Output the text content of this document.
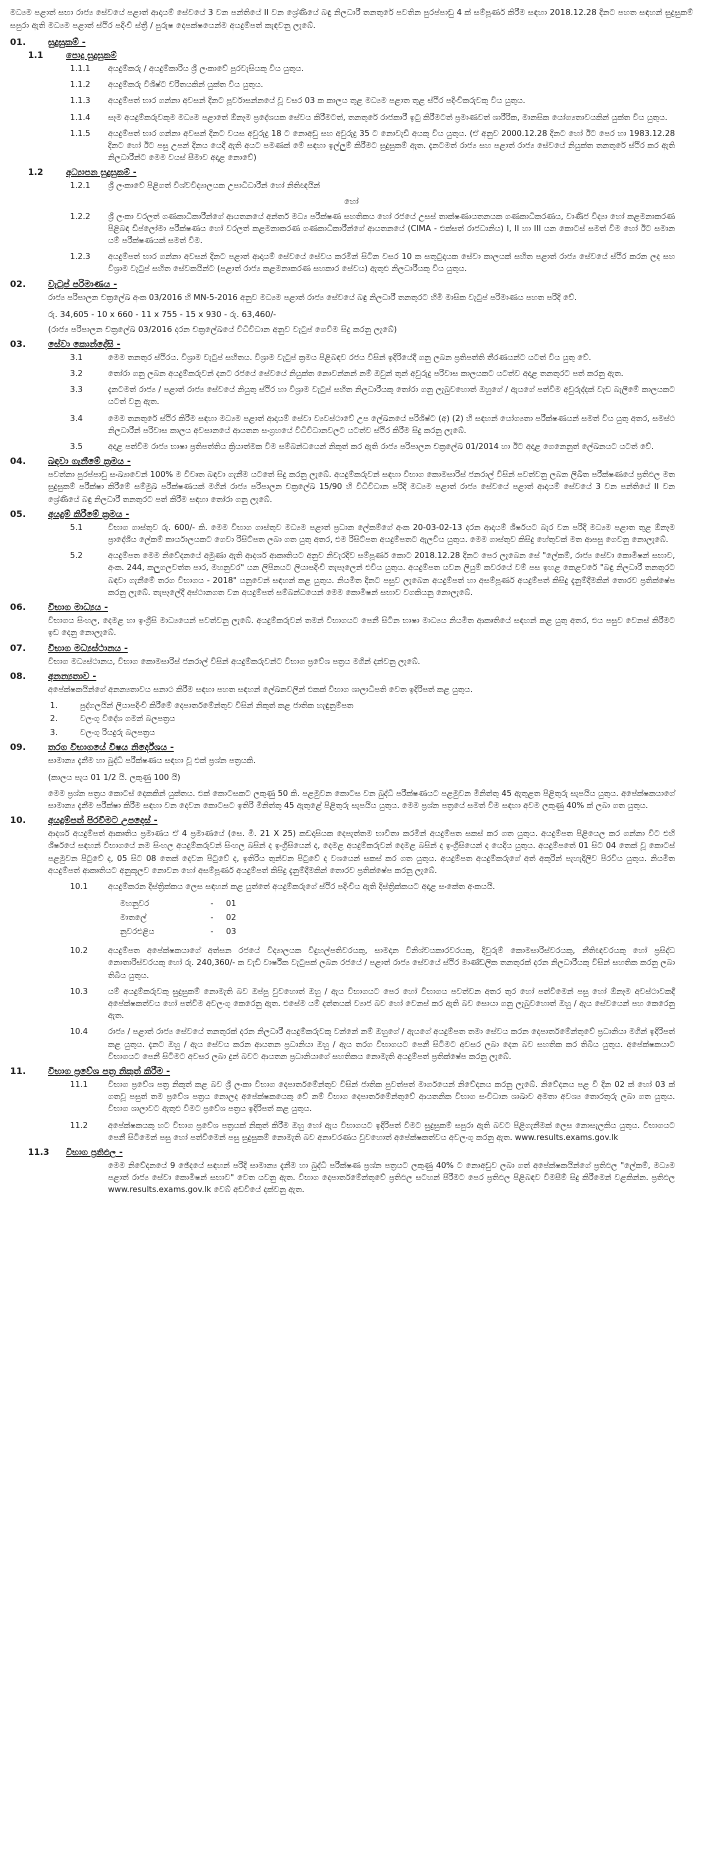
මධ්‍යම පළාත් සභා රාජ්‍ය සේවයේ පළාත් ආදායම් සේවයේ 3 වන පන්තියේ II වන ශ්‍රේණියේ බඳු නිලධාරී තනතුරේ පවතින පුරප්පාඩු 4 ක් සම්පූර්ණ කිරීම සඳහා 2018.12.28 දිනට පහත සඳහන් සුදුසුකම් සපුරා ඇති මධ්‍යම පළාත් ස්ථිර පදිංචි ස්ත්‍රී / පුරුෂ දෙපක්ෂයෙන්ම අයදුම්පත් කැඳවනු ලැබේ.

01.	සුදුසුකම් -
1.1	පොදු සුදුසුකම්
1.1.1	අයදුම්කරු / අයදුම්කාරිය ශ්‍රී ලංකාවේ පුරවැසියකු විය යුතුය.
1.1.2	අයදුම්කරු විශිෂ්ට චරිතයකින් යුක්ත විය යුතුය.
1.1.3	අයදුම්පත් භාර ගන්නා අවසන් දිනට පූර්වාසන්නයේ වූ වසර 03 ක කාලය තුළ මධ්‍යම පළාත තුළ ස්ථිර පදිංචිකරුවකු විය යුතුය.
1.1.4	සෑම අයදුම්කරුවකුම මධ්‍යම පළාතේ ඕනෑම ප්‍රදේශයක සේවය කිරීමටත්, තනතුරේ රාජකාරී ඉටු කිරීමටත් ප්‍රමාණවත් ශාරීරික, මානසික යෝග්‍යතාවයකින් යුක්ත විය යුතුය.
1.1.5	අයදුම්පත් භාර ගන්නා අවසන් දිනට වයස අවුරුදු 18 ට නොඅඩු සහ අවුරුදු 35 ට නොවැඩි අයකු විය යුතුය. (ඒ අනුව 2000.12.28 දිනට හෝ ඊට පෙර හා 1983.12.28 දිනට හෝ ඊට පසු උපන් දිනය යෙදී ඇති අයට පමණක් මේ සඳහා ඉල්ලුම් කිරීමට සුදුසුකම් ඇත. දැනටමත් රාජ්‍ය සහ පළාත් රාජ්‍ය සේවයේ නියුක්ත තනතුරේ ස්ථිර කර ඇති නිලධාරීන්ට මෙම වයස් සීමාව අදාළ නොවේ)
1.2	අධ්‍යාපන සුදුසුකම් -
1.2.1	ශ්‍රී ලංකාවේ පිළිගත් විශ්වවිද්‍යාලයක උපාධිධාරීන් හෝ නිතිඥයින්
හෝ
1.2.2	ශ්‍රී ලංකා වරලත් ගණකාධිකාරීන්ගේ ආයතනයේ අන්තර් මධ්‍ය පරීක්ෂණ සහතිකය හෝ රජයේ උසස් තාක්ෂණායතනයක ගණකාධිකරණය, වාණිජ විද්‍යා හෝ කළමනාකරණ පිළිබඳ ඩිප්ලෝමා පරීක්ෂණය හෝ වරලත් කළමනාකරණ ගණකාධිකාරීන්ගේ ආයතනයේ (CIMA - එක්සත් රාජධානිය) I, II හා III යන කොටස් සමත් වීම හෝ ඊට සමාන යම් පරීක්ෂණයක් සමත් වීම.
1.2.3	අයදුම්පත් භාර ගන්නා අවසන් දිනට පළාත් ආදායම් සේවයේ සේවය කරමින් සිටින වසර 10 ක සතුටුදායක සේවා කාලයක් සහිත පළාත් රාජ්‍ය සේවයේ ස්ථිර කරන ලද සහ විශ්‍රාම වැටුප් සහිත සේවකයින්ට (පළාත් රාජ්‍ය කළමනාකරණ සහකාර සේවය) ඇතුළු නිලධාරීයකු විය යුතුය.
02.	වැටුප් පරිමාණය -

රාජ්‍ය පරිපාලන චක්‍රලේඛ අංක 03/2016 හි MN-5-2016 අනුව මධ්‍යම පළාත් රාජ්‍ය සේවයේ බඳු නිලධාරී තනතුරට හිමි මාසික වැටුප් පරිමාණය පහත පරිදි වේ.

රු. 34,605 - 10 x 660 - 11 x 755 - 15 x 930 - රු. 63,460/-
(රාජ්‍ය පරිපාලන චක්‍රලේඛ 03/2016 දරන චක්‍රලේඛයේ විධිවිධාන අනුව වැටුප් ගෙවීම සිදු කරනු ලැබේ)
03.	සේවා කොන්දේසි -
3.1	මෙම තනතුර ස්ථිරය. විශ්‍රාම වැටුප් සහිතය. විශ්‍රාම වැටුප් ක්‍රමය පිළිබඳව රජය විසින් ඉදිරියේදී ගනු ලබන ප්‍රතිපත්ති තීරණයන්ට යටත් විය යුතු වේ.
3.2	තෝරා ගනු ලබන අයදුම්කරුවන් දනට රජයේ සේවයේ නියුක්ත නොවන්නන් නම් ඔවුන් තුන් අවුරුදු පරිවාස කාලයකට යටත්ව අදාළ තනතුරට පත් කරනු ඇත.
3.3	දැනටමත් රාජ්‍ය / පළාත් රාජ්‍ය සේවයේ නියුතු ස්ථිර හා විශ්‍රාම වැටුප් සහිත නිලධාරීයකු තෝරා ගනු ලැබුවහොත් ඔහුගේ / ඇයගේ පත්වීම අවුරුද්දක් වැඩ බැලීමේ කාලයකට යටත් වනු ඇත.
3.4	මෙම තනතුරේ ස්ථිර කිරීම සඳහා මධ්‍යම පළාත් ආදායම් සේවා ව්‍යවස්ථාවේ උප ලේඛනයේ පරිශිෂ්ට (අ) (2) හි සඳහන් යෝග්‍යතා පරීක්ෂණයන් සමත් විය යුතු අතර, සමස්ථ නිලධාරීන් පරිවාස කාලය අවසානයේ ආයතන සංග්‍රහයේ විධිවිධානවලට යටත්ව ස්ථිර කිරීම සිදු කරනු ලැබේ.
3.5	අදාළ පත්වීම රාජ්‍ය භාෂා ප්‍රතිපත්තිය ක්‍රියාත්මක වීම සම්බන්ධයෙන් නිකුත් කර ඇති රාජ්‍ය පරිපාලන චක්‍රලේඛ 01/2014 හා ඊට අදාළ ගෙනෙනුත් ලේඛනයට යටත් වේ.
04.	බඳවා ගැනීමේ ක්‍රමය -

පවත්නා පුරප්පාඩු සංඛ්‍යාවෙන් 100% ම විවෘත බඳවා ගැනීම යටතේ සිදු කරනු ලැබේ. අයදුම්කරුවන් සඳහා විභාග කොමසාරිස් ජනරාල් විසින් පවත්වනු ලබන ලිඛිත පරීක්ෂණයේ ප්‍රතිඵල මත සුදුසුකම් පරීක්ෂා කිරීමේ සම්මුඛ පරීක්ෂණයක් මගින් රාජ්‍ය පරිපාලන චක්‍රලේඛ 15/90 හි විධිවිධාන පරිදි මධ්‍යම පළාත් රාජ්‍ය සේවයේ පළාත් ආදායම් සේවයේ 3 වන පන්තියේ II වන ශ්‍රේණියේ බඳු නිලධාරී තනතුරට පත් කිරීම සඳහා තෝරා ගනු ලැබේ.

05.	අයදුම් කිරීමේ ක්‍රමය -
5.1	විභාග ගාස්තුව රු. 600/- කි. මෙම විභාග ගාස්තුව මධ්‍යම පළාත් ප්‍රධාන ලේකම්ගේ අංක 20-03-02-13 දරන ආදායම් ශීර්ෂයට බැර වන පරිදි මධ්‍යම පළාත තුළ ඕනෑම ප්‍රාදේශීය ලේකම් කාර්යාලයකට ගෙවා රිසිට්පත ලබා ගත යුතු අතර, එම රිසිට්පත අයදුම්පතට ඇලවිය යුතුය. මෙම ගාස්තුව කිසිදු හේතුවක් මත ආපසු ගෙවනු නොලැබේ.
5.2	අයදුම්පත මෙම නිවේදනයේ අමුණා ඇති ආදර්ශ ආකෘතියට අනුව නිවැරදිව සම්පූර්ණ කොට 2018.12.28 දිනට පෙර ලැබෙන සේ "ලේකම්, රාජ්‍ය සේවා කොමිෂන් සභාව, අංක. 244, කලුගලවත්ත පාර, මහනුවර" යන ලිපිනයට ලියාපදිංචි තැපෑලෙන් එවිය යුතුය. අයදුම්පත යවන ලියුම් කවරයේ වම් පස ඉහළ කෙළවරේ "බඳු නිලධාරී තනතුරට බඳවා ගැනීමේ තරග විභාගය - 2018" යනුවෙන් සඳහන් කළ යුතුය. නියමිත දිනට පසුව ලැබෙන අයදුම්පත් හා අසම්පූර්ණ අයදුම්පත් කිසිදු දැනුම්දීමකින් තොරව ප්‍රතික්ෂේප කරනු ලැබේ. තැපෑලේදී අස්ථානගත වන අයදුම්පත් සම්බන්ධයෙන් මෙම කොමිෂන් සභාව වගකියනු නොලැබේ.
06.	විභාග මාධ්‍යය -

විභාගය සිංහල, දෙමළ හා ඉංග්‍රීසි මාධ්‍යයෙන් පවත්වනු ලැබේ. අයදුම්කරුවන් තමන් විභාගයට පෙනී සිටින භාෂා මාධ්‍යය නියමිත ආකෘතියේ සඳහන් කළ යුතු අතර, එය පසුව වෙනස් කිරීමට ඉඩ දෙනු නොලැබේ.

07.	විභාග මධ්‍යස්ථානය -

විභාග මධ්‍යස්ථානය, විභාග කොමසාරිස් ජනරාල් විසින් අයදුම්කරුවන්ට විභාග ප්‍රවේශ පත්‍රය මගින් දන්වනු ලැබේ.

08.	අනන්‍යතාව -

අපේක්ෂකයින්ගේ අනන්‍යතාවය සනාථ කිරීම සඳහා පහත සඳහන් ලේඛනවලින් එකක් විභාග ශාලාධිපති වෙත ඉදිරිපත් කළ යුතුය.

1.	පුද්ගලයින් ලියාපදිංචි කිරීමේ දෙපාර්තමේන්තුව විසින් නිකුත් කළ ජාතික හැඳුනුම්පත
2.	වලංගු විදේශ ගමන් බලපත්‍රය
3.	වලංගු රියදුරු බලපත්‍රය
09.	තරග විභාගයේ විෂය නිර්දේශය -

සාමාන්‍ය දැනීම හා බුද්ධි පරීක්ෂණය සඳහා වූ එක් ප්‍රශ්න පත්‍රයකි.

(කාලය පැය 01 1/2 යි. ලකුණු 100 යි)

මෙම ප්‍රශ්න පත්‍රය කොටස් දෙකකින් යුක්තය. එක් කොටසකට ලකුණු 50 කි. පළමුවන කොටස වන බුද්ධි පරීක්ෂණයට පළමුවන මිනිත්තු 45 ඇතුළත පිළිතුරු සැපයිය යුතුය. අපේක්ෂකයාගේ සාමාන්‍ය දැනීම පරීක්ෂා කිරීම සඳහා වන දෙවන කොටසට ඉතිරි මිනිත්තු 45 ඇතුළේ පිළිතුරු සැපයිය යුතුය. මෙම ප්‍රශ්න පත්‍රයේ සමත් වීම සඳහා අවම ලකුණු 40% ක් ලබා ගත යුතුය.

10.	අයදුම්පත් පිරවීමට උපදෙස් -

ආදර්ශ අයදුම්පත් ආකෘතිය ප්‍රමාණය ඒ 4 ප්‍රමාණයේ (සෙ. මී. 21 X 25) කඩදාසියක දෙපැත්තම භාවිතා කරමින් අයදුම්පත සකස් කර ගත යුතුය. අයදුම්පත පිළියෙල කර ගන්නා විට එහි ශීර්ෂයේ සඳහන් විභාගයේ නම සිංහල අයදුම්කරුවන් සිංහල බසින් ද ඉංග්‍රීසියෙන් ද, දෙමළ අයදුම්කරුවන් දෙමළ බසින් ද ඉංග්‍රීසියෙන් ද යෙදිය යුතුය. අයදුම්පතේ 01 සිට 04 තෙක් වූ කොටස් පළමුවන පිටුවේ ද, 05 සිට 08 තෙක් දෙවන පිටුවේ ද, ඉතිරිය තුන්වන පිටුවේ ද වශයෙන් සකස් කර ගත යුතුය. අයදුම්පත අයදුම්කරුගේ අත් අකුරින් පැහැදිලිව පිරවිය යුතුය. නියමිත අයදුම්පත් ආකෘතියට අනුකූලව නොවන හෝ අසම්පූර්ණ අයදුම්පත් කිසිදු දැනුම්දීමකින් තොරව ප්‍රතික්ෂේප කරනු ලැබේ.

10.1	අයදුම්කරන දිස්ත්‍රික්කය ලෙස සඳහන් කළ යුත්තේ අයදුම්කරුගේ ස්ථිර පදිංචිය ඇති දිස්ත්‍රික්කයට අදාළ සංකේත අංකයයි.
මහනුවර	-	01
මාතලේ	-	02
නුවරඑළිය	-	03
10.2	අයදුම්පත අපේක්ෂකයාගේ අත්සන රජයේ විද්‍යාලයක විදුහල්පතිවරයකු, සාමදාන විනිශ්චයකාරවරයකු, දිවුරුම් කොමසාරිස්වරයකු, නීතිඥවරයකු හෝ ප්‍රසිද්ධ නොතාරිස්වරයකු හෝ රු. 240,360/- ක වැඩි වාර්ෂික වැටුපක් ලබන රජයේ / පළාත් රාජ්‍ය සේවයේ ස්ථිර මාණ්ඩලික තනතුරක් දරන නිලධාරීයකු විසින් සහතික කරනු ලබා තිබිය යුතුය.
10.3	යම් අයදුම්කරුවකු සුදුසුකම් නොමැති බව ඔප්පු වුවහොත් ඔහු / ඇය විභාගයට පෙර හෝ විභාගය පවත්වන අතර තුර හෝ පත්වීමෙන් පසු හෝ ඕනෑම අවස්ථාවකදී අපේක්ෂකත්වය හෝ පත්වීම අවලංගු කෙරෙනු ඇත. එසේම යම් දත්තයක් ව්‍යාජ බව හෝ වෙනස් කර ඇති බව සොයා ගනු ලැබුවහොත් ඔහු / ඇය සේවයෙන් පහ කෙරෙනු ඇත.
10.4	රාජ්‍ය / පළාත් රාජ්‍ය සේවයේ තනතුරක් දරන නිලධාරී අයදුම්කරුවකු වන්නේ නම් ඔහුගේ / ඇයගේ අයදුම්පත තමා සේවය කරන දෙපාර්තමේන්තුවේ ප්‍රධානියා මගින් ඉදිරිපත් කළ යුතුය. දැනට ඔහු / ඇය සේවය කරන ආයතන ප්‍රධානියා ඔහු / ඇය තරග විභාගයට පෙනී සිටීමට අවසර ලබා දෙන බව සහතික කර තිබිය යුතුය. අපේක්ෂකයාට විභාගයට පෙනී සිටීමට අවසර ලබා දුන් බවට ආයතන ප්‍රධානියාගේ සහතිකය නොමැති අයදුම්පත් ප්‍රතික්ෂේප කරනු ලැබේ.
11.	විභාග ප්‍රවේශ පත්‍ර නිකුත් කිරීම -
11.1	විභාග ප්‍රවේශ පත්‍ර නිකුත් කළ බව ශ්‍රී ලංකා විභාග දෙපාර්තමේන්තුව විසින් ජාතික පුවත්පත් මාර්ගයෙන් නිවේදනය කරනු ලැබේ. නිවේදනය පළ වී දින 02 ක් හෝ 03 ක් ගතවූ පසුත් තම ප්‍රවේශ පත්‍රය නොලද අපේක්ෂකයෙකු වේ නම් විභාග දෙපාර්තමේන්තුවේ ආයතනික විභාග සංවිධාන ශාඛාව අමතා අවශ්‍ය තොරතුරු ලබා ගත යුතුය. විභාග ශාලාවට ඇතුළු වීමට ප්‍රවේශ පත්‍රය ඉදිරිපත් කළ යුතුය.
11.2	අපේක්ෂකයකු හට විභාග ප්‍රවේශ පත්‍රයක් නිකුත් කිරීම ඔහු හෝ ඇය විභාගයට ඉදිරිපත් වීමට සුදුසුකම් සපුරා ඇති බවට පිළිගැනීමක් ලෙස නොසැලකිය යුතුය. විභාගයට පෙනී සිටීමෙන් පසු හෝ පත්වීමෙන් පසු සුදුසුකම් නොමැති බව අනාවරණය වුවහොත් අපේක්ෂකත්වය අවලංගු කරනු ඇත. www.results.exams.gov.lk
11.3	විභාග ප්‍රතිඵල -

මෙම නිවේදනයේ 9 ඡේදයේ සඳහන් පරිදි සාමාන්‍ය දැනීම හා බුද්ධි පරීක්ෂණ ප්‍රශ්න පත්‍රයට ලකුණු 40% ට නොඅඩුව ලබා ගත් අපේක්ෂකයින්ගේ ප්‍රතිඵල "ලේකම්, මධ්‍යම පළාත් රාජ්‍ය සේවා කොමිෂන් සභාව" වෙත යවනු ඇත. විභාග දෙපාර්තමේන්තුවේ ප්‍රතිඵල සටහන් පිරීමට පෙර ප්‍රතිඵල පිළිබඳව විමසීම් සිදු කිරීමෙන් වළකින්න. ප්‍රතිඵල www.results.exams.gov.lk වෙබ් අඩවියේ දක්වනු ඇත.
